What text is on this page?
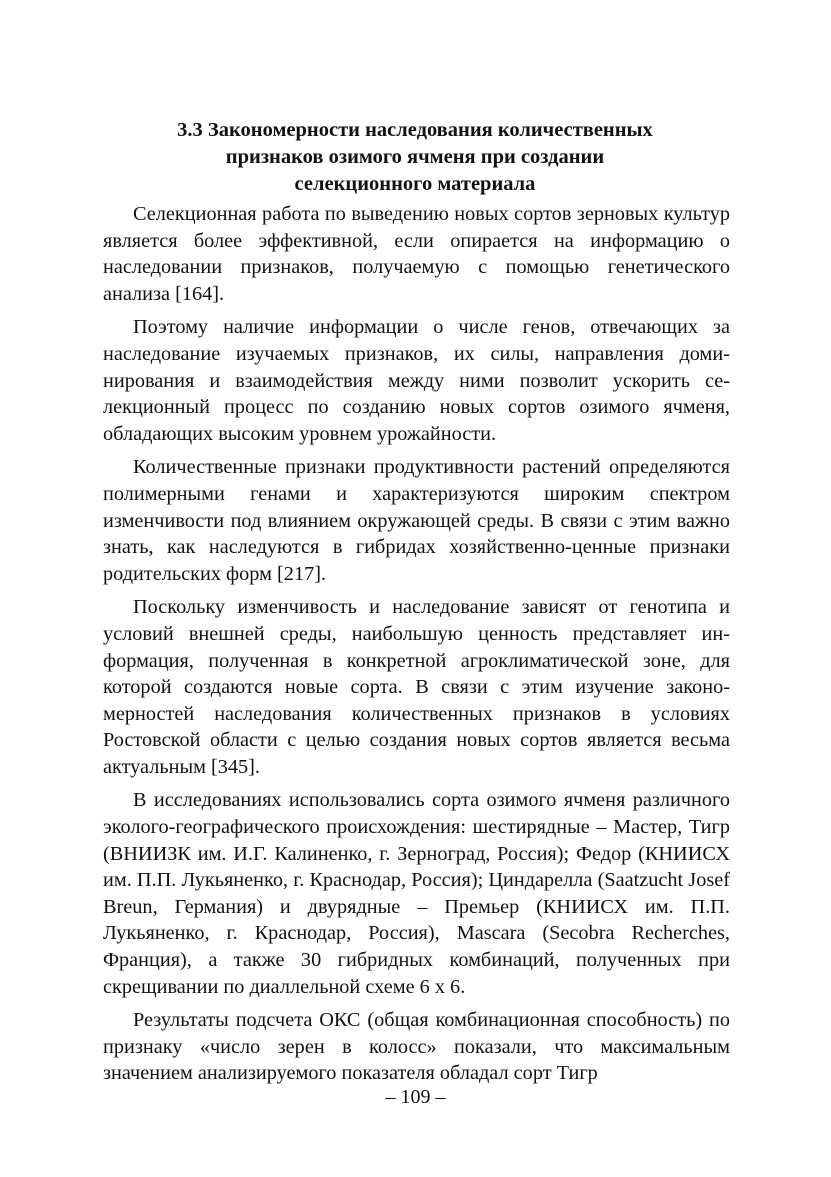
3.3 Закономерности наследования количественных
признаков озимого ячменя при создании
селекционного материала

Селекционная работа по выведению новых сортов зерновых культур является более эффективной, если опирается на информацию о наследовании признаков, получаемую с помощью генетического анализа [164].

Поэтому наличие информации о числе генов, отвечающих за наследование изучаемых признаков, их силы, направления доминирования и взаимодействия между ними позволит ускорить селекционный процесс по созданию новых сортов озимого ячменя, обладающих высоким уровнем урожайности.

Количественные признаки продуктивности растений определяются полимерными генами и характеризуются широким спектром изменчивости под влиянием окружающей среды. В связи с этим важно знать, как наследуются в гибридах хозяйственно-ценные признаки родительских форм [217].

Поскольку изменчивость и наследование зависят от генотипа и условий внешней среды, наибольшую ценность представляет информация, полученная в конкретной агроклиматической зоне, для которой создаются новые сорта. В связи с этим изучение закономерностей наследования количественных признаков в условиях Ростовской области с целью создания новых сортов является весьма актуальным [345].

В исследованиях использовались сорта озимого ячменя различного эколого-географического происхождения: шестирядные – Мастер, Тигр (ВНИИЗК им. И.Г. Калиненко, г. Зерноград, Россия); Федор (КНИИСХ им. П.П. Лукьяненко, г. Краснодар, Россия); Циндарелла (Saatzucht Josef Breun, Германия) и двурядные – Премьер (КНИИСХ им. П.П. Лукьяненко, г. Краснодар, Россия), Mascara (Secobra Recherches, Франция), а также 30 гибридных комбинаций, полученных при скрещивании по диаллельной схеме 6 х 6.

Результаты подсчета ОКС (общая комбинационная способность) по признаку «число зерен в колосс» показали, что максимальным значением анализируемого показателя обладал сорт Тигр

– 109 –
